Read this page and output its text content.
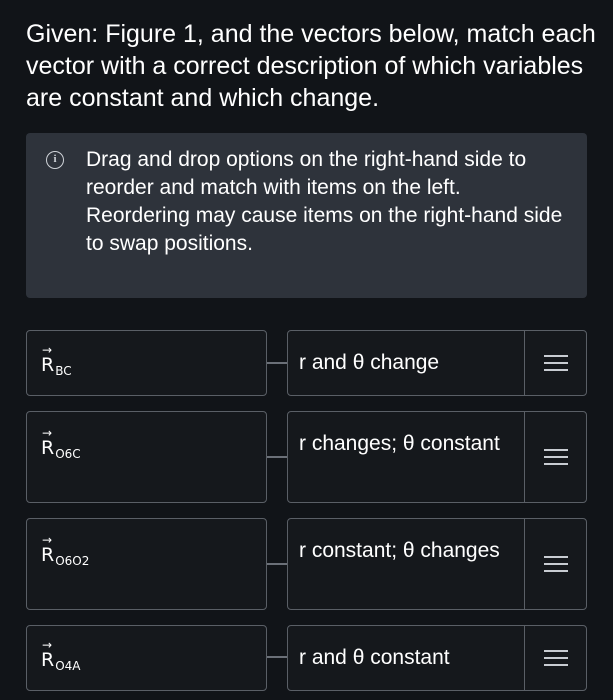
Given: Figure 1, and the vectors below, match each vector with a correct description of which variables are constant and which change.
i	Drag and drop options on the right-hand side to reorder and match with items on the left.

Reordering may cause items on the right-hand side to swap positions.

→
$R_{BC}$	r and θ change
→
$R_{O6C}$	r changes; θ constant
→
$R_{O6O2}$	r constant; θ changes
→
$R_{O4A}$	r and θ constant
